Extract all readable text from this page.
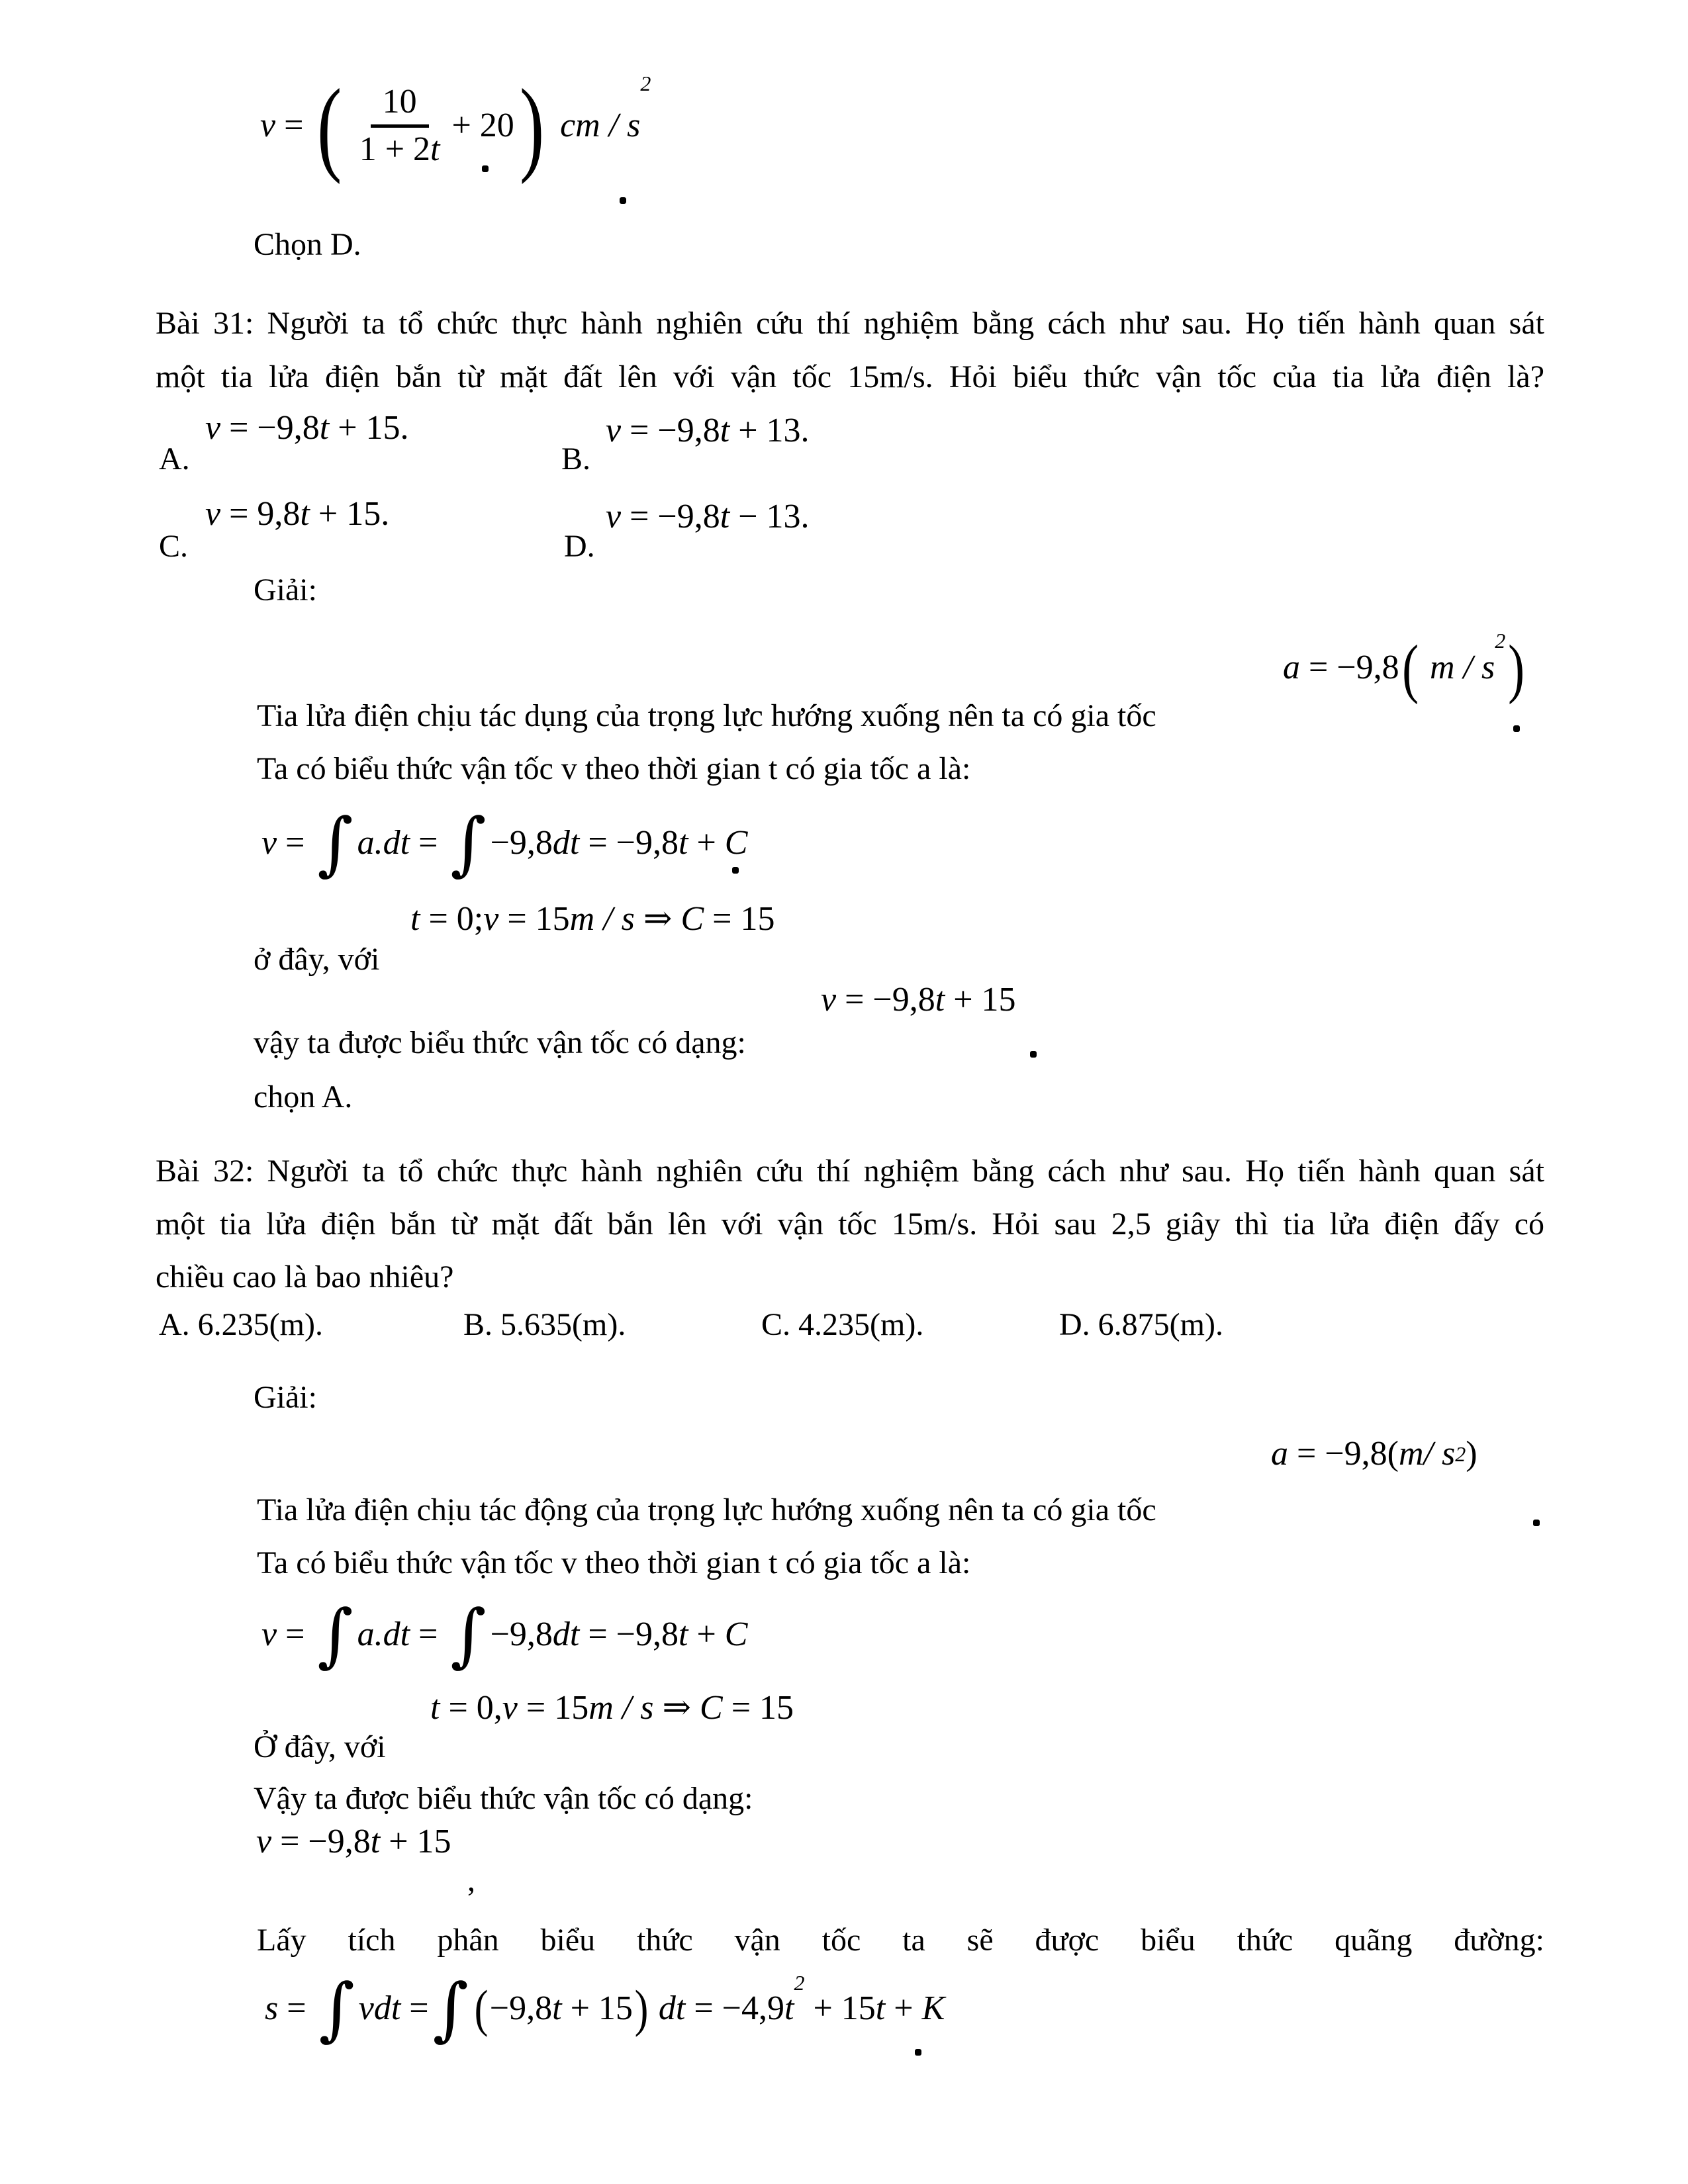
v = ( $\frac{10}{1 + 2t} + 20$ ) cm / s
2
Chọn D.
Bài 31: Người ta tổ chức thực hành nghiên cứu thí nghiệm bằng cách như sau. Họ tiến hành quan sát
một tia lửa điện bắn từ mặt đất lên với vận tốc 15m/s. Hỏi biểu thức vận tốc của tia lửa điện là?
v = −9,8 t + 15.	v = −9,8 t + 13.
A.	B.
v = 9,8 t + 15.	v = −9,8 t − 13.
C.	D.
Giải:
a = −9,8 ( m / s
2 )
Tia lửa điện chịu tác dụng của trọng lực hướng xuống nên ta có gia tốc
Ta có biểu thức vận tốc v theo thời gian t có gia tốc a là:
v = ∫ a.dt = ∫ −9,8dt = −9,8t + C
t = 0; v = 15 m / s ⇒ C = 15
ở đây, với
v = −9,8 t + 15
vậy ta được biểu thức vận tốc có dạng:
chọn A.
Bài 32: Người ta tổ chức thực hành nghiên cứu thí nghiệm bằng cách như sau. Họ tiến hành quan sát
một tia lửa điện bắn từ mặt đất bắn lên với vận tốc 15m/s. Hỏi sau 2,5 giây thì tia lửa điện đấy có
chiều cao là bao nhiêu?
A. 6.235(m).	B. 5.635(m).	C. 4.235(m).	D. 6.875(m).
Giải:
a = −9,8(m/ s 2 )
Tia lửa điện chịu tác động của trọng lực hướng xuống nên ta có gia tốc
Ta có biểu thức vận tốc v theo thời gian t có gia tốc a là:
v = ∫ a.dt = ∫ −9,8dt = −9,8t + C
t = 0, v = 15 m / s ⇒ C = 15
Ở đây, với
Vậy ta được biểu thức vận tốc có dạng:
v = −9,8 t + 15
,
Lấy tích phân biểu thức vận tốc ta sẽ được biểu thức quãng đường:
s = ∫ vdt = ∫ ( −9,8t + 15 ) dt = −4,9t
2
+ 15t + K
